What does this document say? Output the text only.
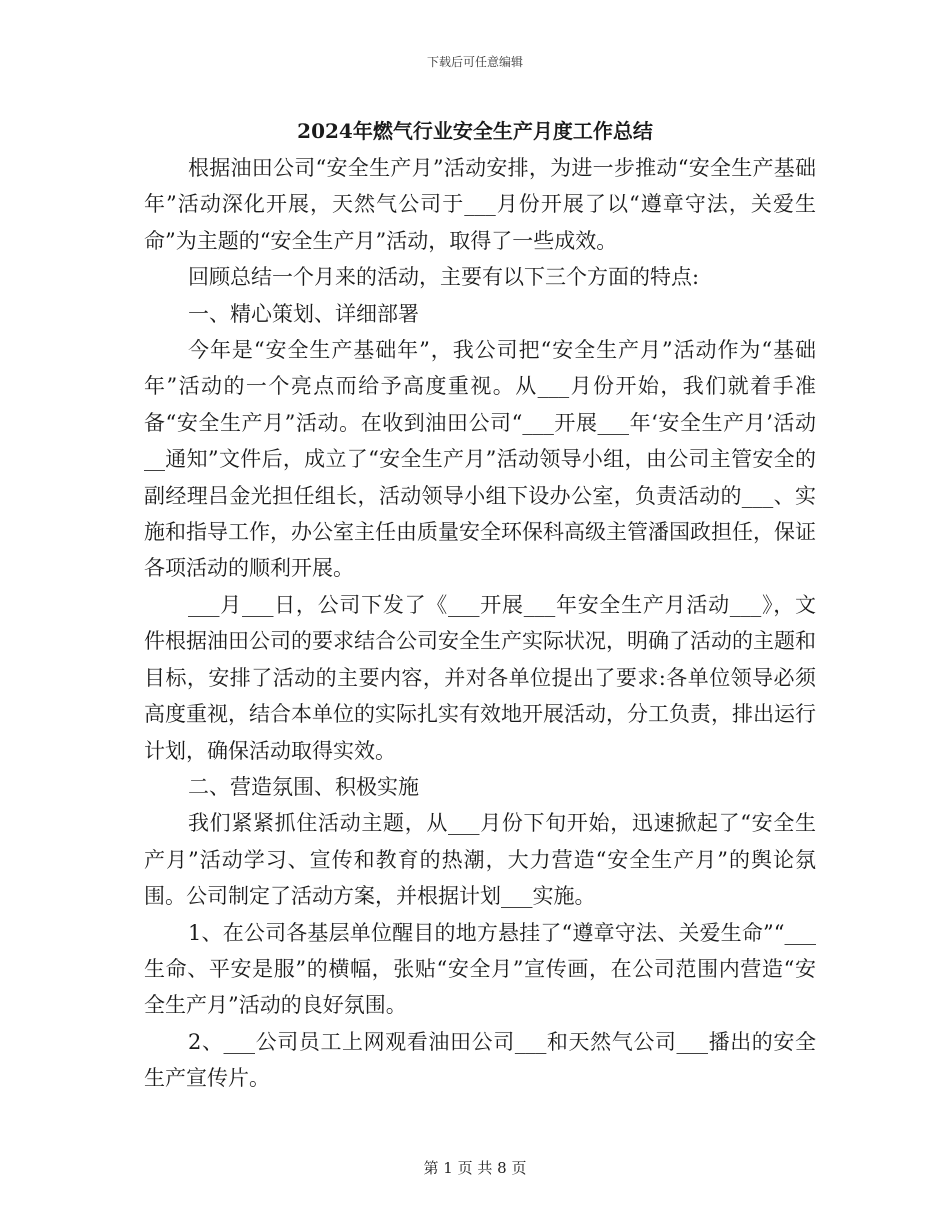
下载后可任意编辑
2024年燃气行业安全生产月度工作总结

根据油田公司“安全生产月”活动安排，为进一步推动“安全生产基础年”活动深化开展，天然气公司于___月份开展了以“遵章守法，关爱生命”为主题的“安全生产月”活动，取得了一些成效。

回顾总结一个月来的活动，主要有以下三个方面的特点:

一、精心策划、详细部署

今年是“安全生产基础年”，我公司把“安全生产月”活动作为“基础年”活动的一个亮点而给予高度重视。从___月份开始，我们就着手准备“安全生产月”活动。在收到油田公司“___开展___年‘安全生产月’活动__通知”文件后，成立了“安全生产月”活动领导小组，由公司主管安全的副经理吕金光担任组长，活动领导小组下设办公室，负责活动的___、实施和指导工作，办公室主任由质量安全环保科高级主管潘国政担任，保证各项活动的顺利开展。

___月___日，公司下发了《___开展___年安全生产月活动___》，文件根据油田公司的要求结合公司安全生产实际状况，明确了活动的主题和目标，安排了活动的主要内容，并对各单位提出了要求:各单位领导必须高度重视，结合本单位的实际扎实有效地开展活动，分工负责，排出运行计划，确保活动取得实效。

二、营造氛围、积极实施

我们紧紧抓住活动主题，从___月份下旬开始，迅速掀起了“安全生产月”活动学习、宣传和教育的热潮，大力营造“安全生产月”的舆论氛围。公司制定了活动方案，并根据计划___实施。

1、在公司各基层单位醒目的地方悬挂了“遵章守法、关爱生命”“___生命、平安是服”的横幅，张贴“安全月”宣传画，在公司范围内营造“安全生产月”活动的良好氛围。

2、___公司员工上网观看油田公司___和天然气公司___播出的安全生产宣传片。

第 1 页 共 8 页
